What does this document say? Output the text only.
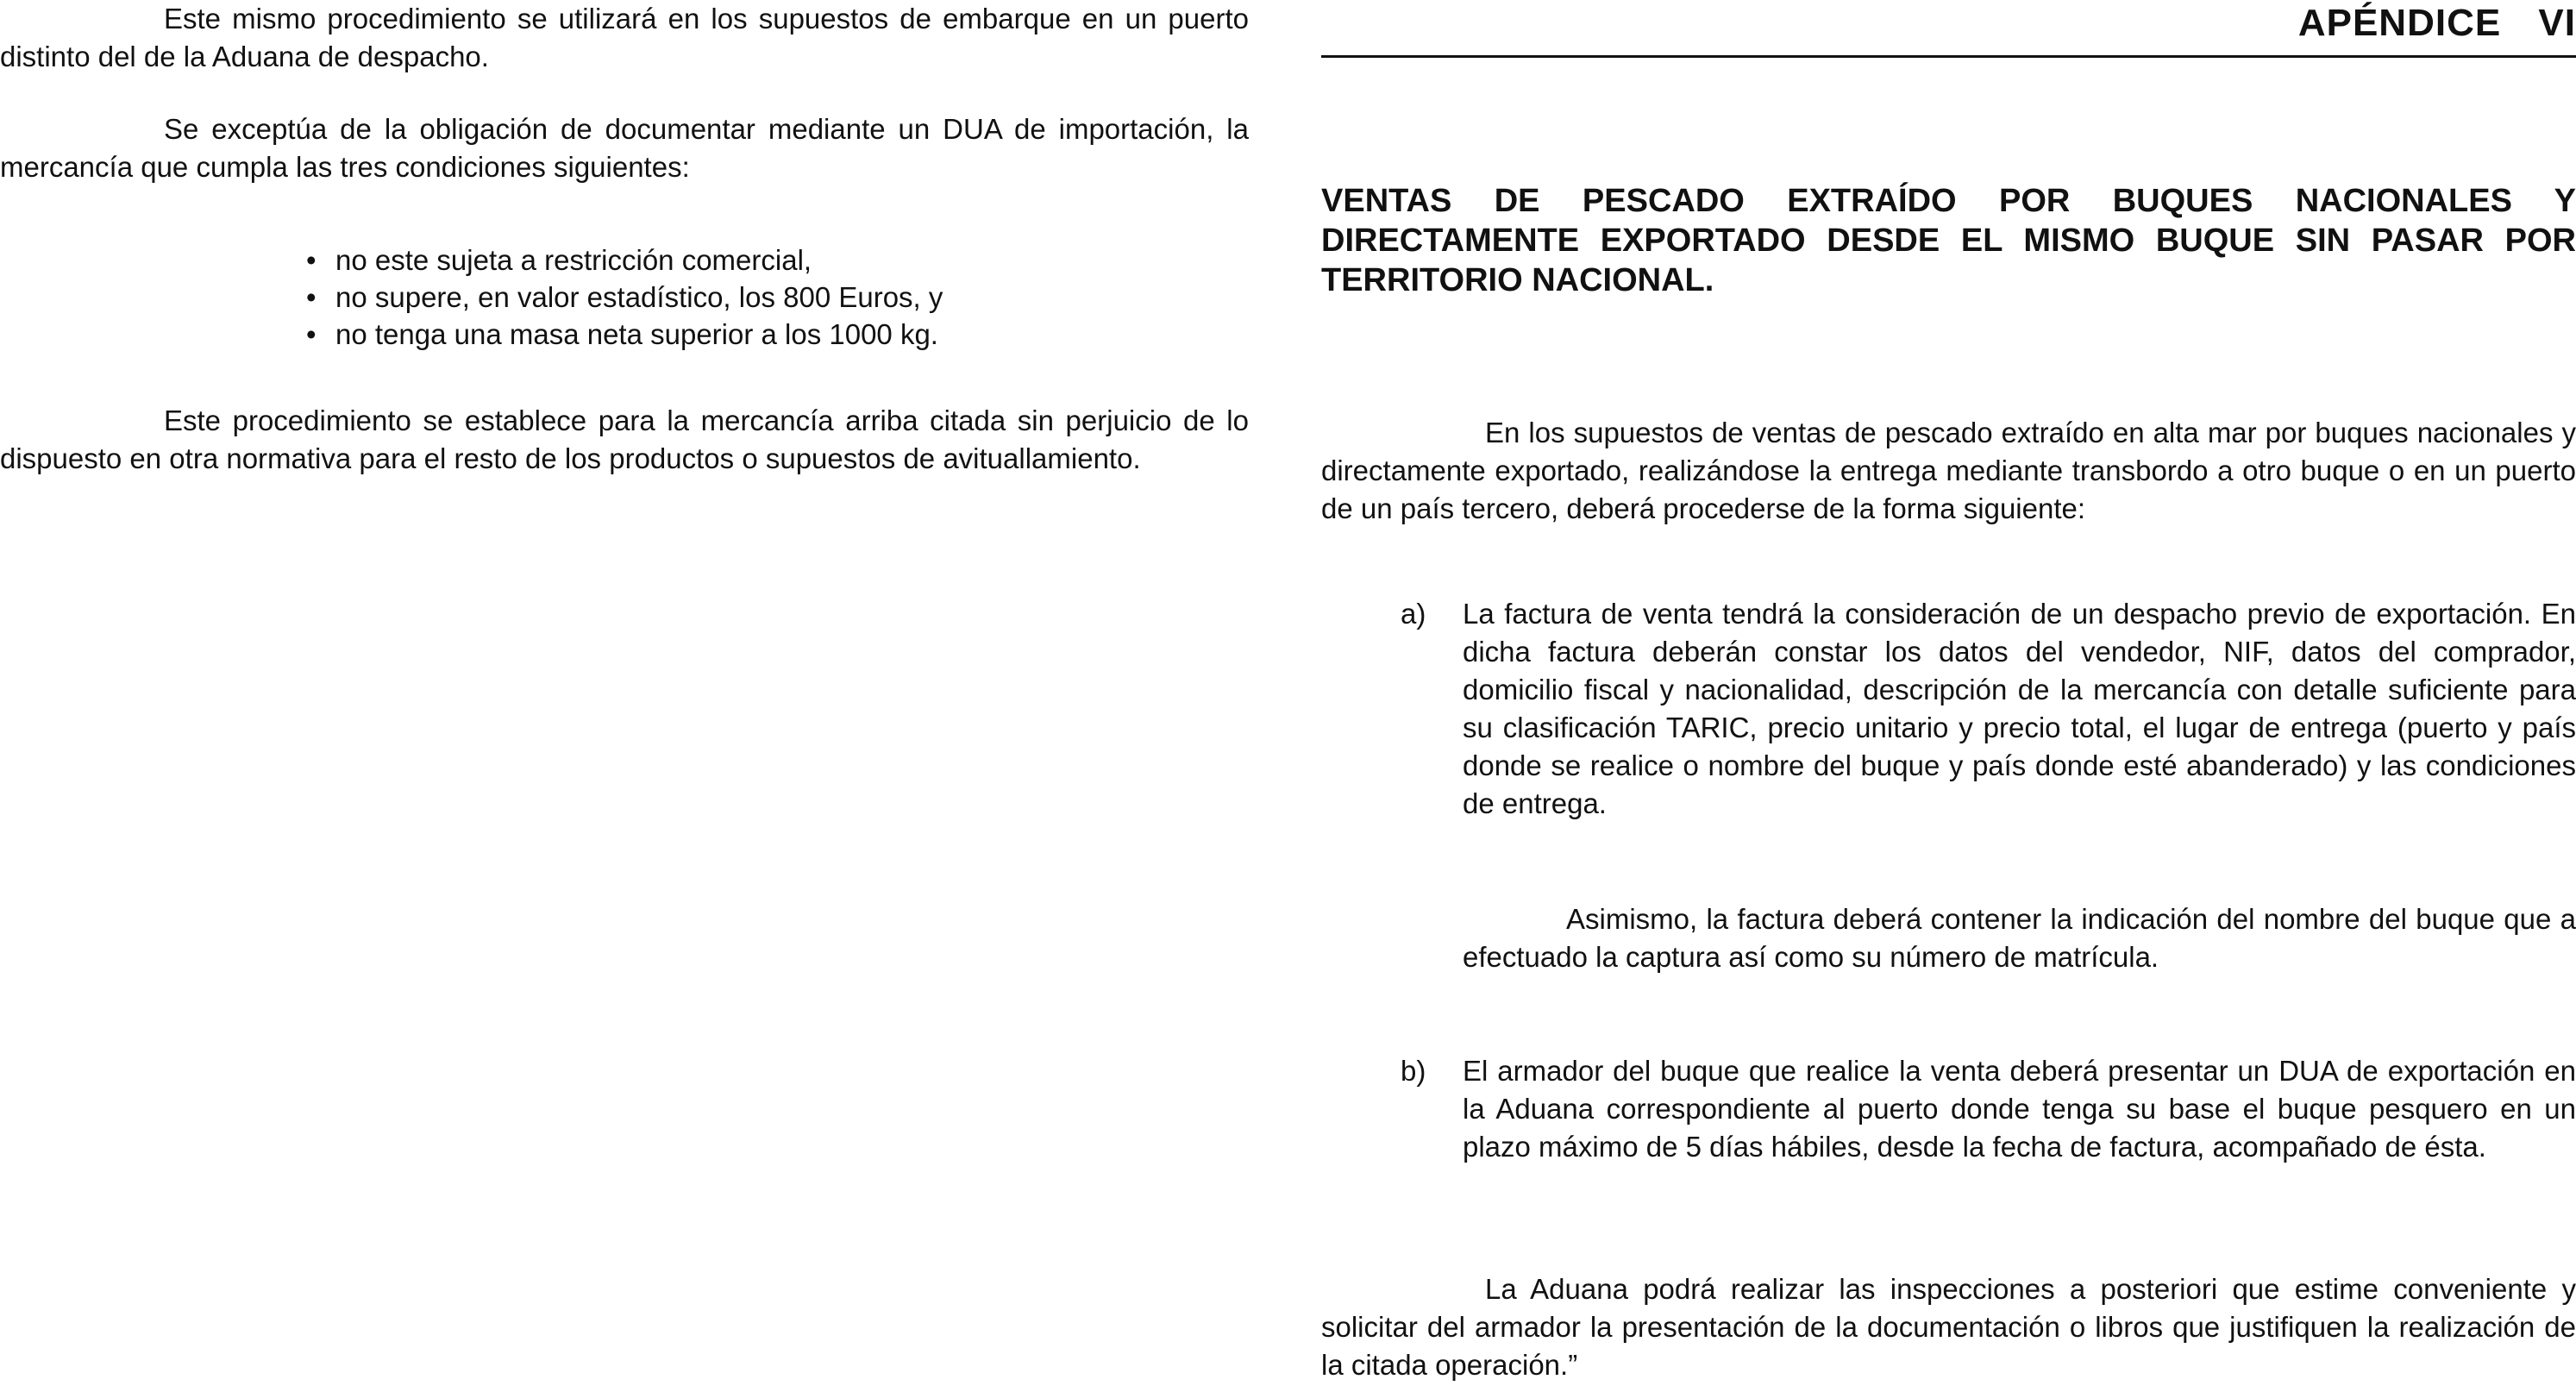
Este mismo procedimiento se utilizará en los supuestos de embarque en un puerto distinto del de la Aduana de despacho.

Se exceptúa de la obligación de documentar mediante un DUA de importación, la mercancía que cumpla las tres condiciones siguientes:

• no este sujeta a restricción comercial,
• no supere, en valor estadístico, los 800 Euros, y
• no tenga una masa neta superior a los 1000 kg.

Este procedimiento se establece para la mercancía arriba citada sin perjuicio de lo dispuesto en otra normativa para el resto de los productos o supuestos de avituallamiento.

APÉNDICE VI

VENTAS DE PESCADO EXTRAÍDO POR BUQUES NACIONALES Y DIRECTAMENTE EXPORTADO DESDE EL MISMO BUQUE SIN PASAR POR TERRITORIO NACIONAL.

En los supuestos de ventas de pescado extraído en alta mar por buques nacionales y directamente exportado, realizándose la entrega mediante transbordo a otro buque o en un puerto de un país tercero, deberá procederse de la forma siguiente:

a) La factura de venta tendrá la consideración de un despacho previo de exportación. En dicha factura deberán constar los datos del vendedor, NIF, datos del comprador, domicilio fiscal y nacionalidad, descripción de la mercancía con detalle suficiente para su clasificación TARIC, precio unitario y precio total, el lugar de entrega (puerto y país donde se realice o nombre del buque y país donde esté abanderado) y las condiciones de entrega.

Asimismo, la factura deberá contener la indicación del nombre del buque que a efectuado la captura así como su número de matrícula.

b) El armador del buque que realice la venta deberá presentar un DUA de exportación en la Aduana correspondiente al puerto donde tenga su base el buque pesquero en un plazo máximo de 5 días hábiles, desde la fecha de factura, acompañado de ésta.

La Aduana podrá realizar las inspecciones a posteriori que estime conveniente y solicitar del armador la presentación de la documentación o libros que justifiquen la realización de la citada operación.”
